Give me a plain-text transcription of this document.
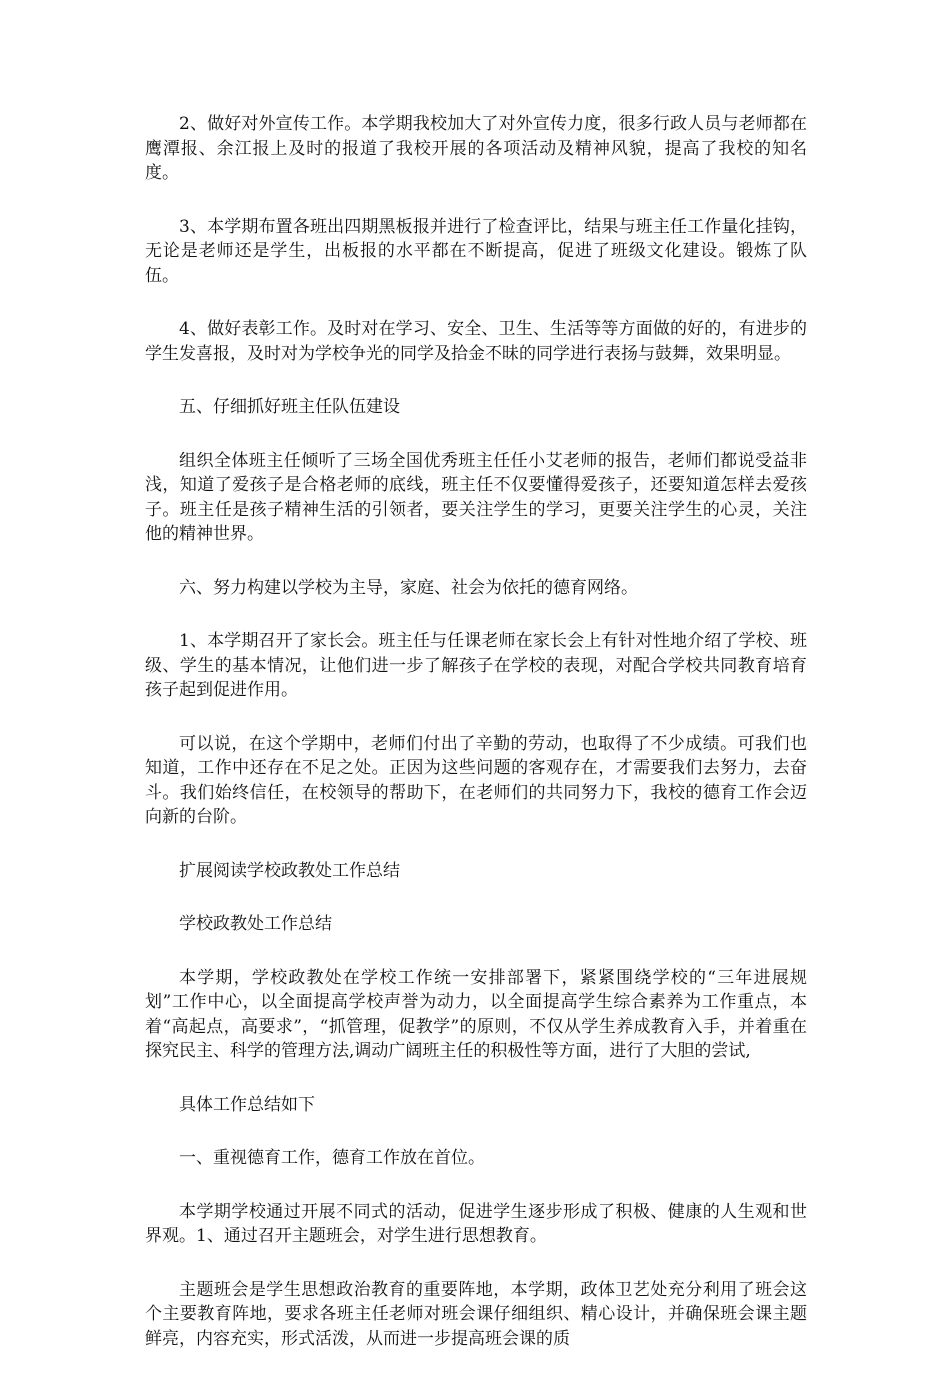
2、做好对外宣传工作。本学期我校加大了对外宣传力度，很多行政人员与老师都在鹰潭报、余江报上及时的报道了我校开展的各项活动及精神风貌，提高了我校的知名度。

3、本学期布置各班出四期黑板报并进行了检查评比，结果与班主任工作量化挂钩，无论是老师还是学生，出板报的水平都在不断提高，促进了班级文化建设。锻炼了队伍。

4、做好表彰工作。及时对在学习、安全、卫生、生活等等方面做的好的，有进步的学生发喜报，及时对为学校争光的同学及拾金不昧的同学进行表扬与鼓舞，效果明显。

五、仔细抓好班主任队伍建设

组织全体班主任倾听了三场全国优秀班主任任小艾老师的报告，老师们都说受益非浅，知道了爱孩子是合格老师的底线，班主任不仅要懂得爱孩子，还要知道怎样去爱孩子。班主任是孩子精神生活的引领者，要关注学生的学习，更要关注学生的心灵，关注他的精神世界。

六、努力构建以学校为主导，家庭、社会为依托的德育网络。

1、本学期召开了家长会。班主任与任课老师在家长会上有针对性地介绍了学校、班级、学生的基本情况，让他们进一步了解孩子在学校的表现，对配合学校共同教育培育孩子起到促进作用。

可以说，在这个学期中，老师们付出了辛勤的劳动，也取得了不少成绩。可我们也知道，工作中还存在不足之处。正因为这些问题的客观存在，才需要我们去努力，去奋斗。我们始终信任，在校领导的帮助下，在老师们的共同努力下，我校的德育工作会迈向新的台阶。

扩展阅读学校政教处工作总结

学校政教处工作总结

本学期，学校政教处在学校工作统一安排部署下，紧紧围绕学校的“三年进展规划”工作中心，以全面提高学校声誉为动力，以全面提高学生综合素养为工作重点，本着“高起点，高要求”，“抓管理，促教学”的原则，不仅从学生养成教育入手，并着重在探究民主、科学的管理方法,调动广阔班主任的积极性等方面，进行了大胆的尝试,

具体工作总结如下

一、重视德育工作，德育工作放在首位。

本学期学校通过开展不同式的活动，促进学生逐步形成了积极、健康的人生观和世界观。1、通过召开主题班会，对学生进行思想教育。

主题班会是学生思想政治教育的重要阵地，本学期，政体卫艺处充分利用了班会这个主要教育阵地，要求各班主任老师对班会课仔细组织、精心设计，并确保班会课主题鲜亮，内容充实，形式活泼，从而进一步提高班会课的质
